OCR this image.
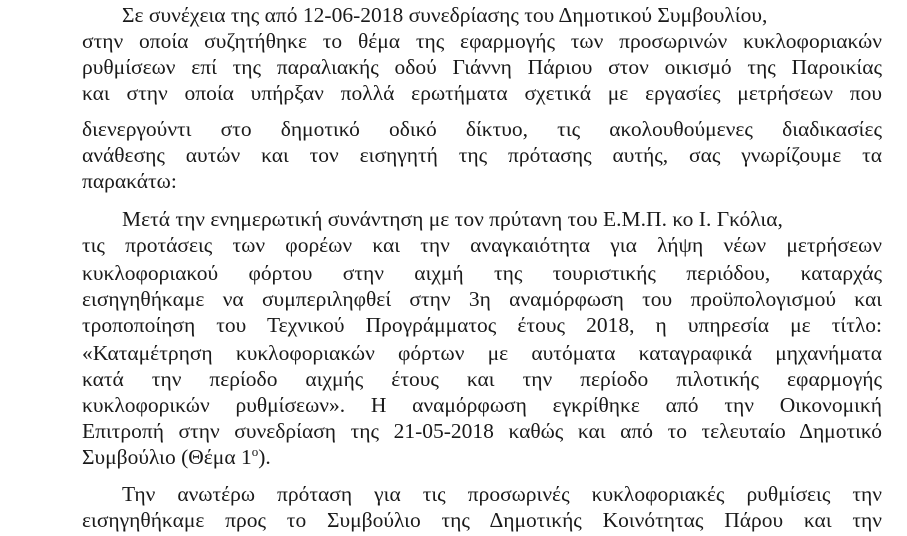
Σε συνέχεια της από 12-06-2018 συνεδρίασης του Δημοτικού Συμβουλίου,
στην οποία συζητήθηκε το θέμα της εφαρμογής των προσωρινών κυκλοφοριακών
ρυθμίσεων επί της παραλιακής οδού Γιάννη Πάριου στον οικισμό της Παροικίας
και στην οποία υπήρξαν πολλά ερωτήματα σχετικά με εργασίες μετρήσεων που
διενεργούντι στο δημοτικό οδικό δίκτυο, τις ακολουθούμενες διαδικασίες
ανάθεσης αυτών και τον εισηγητή της πρότασης αυτής, σας γνωρίζουμε τα
παρακάτω:
Μετά την ενημερωτική συνάντηση με τον πρύτανη του Ε.Μ.Π. κο Ι. Γκόλια,
τις προτάσεις των φορέων και την αναγκαιότητα για λήψη νέων μετρήσεων
κυκλοφοριακού φόρτου στην αιχμή της τουριστικής περιόδου, καταρχάς
εισηγηθήκαμε να συμπεριληφθεί στην 3η αναμόρφωση του προϋπολογισμού και
τροποποίηση του Τεχνικού Προγράμματος έτους 2018, η υπηρεσία με τίτλο:
«Καταμέτρηση κυκλοφοριακών φόρτων με αυτόματα καταγραφικά μηχανήματα
κατά την περίοδο αιχμής έτους και την περίοδο πιλοτικής εφαρμογής
κυκλοφορικών ρυθμίσεων». Η αναμόρφωση εγκρίθηκε από την Οικονομική
Επιτροπή στην συνεδρίαση της 21-05-2018 καθώς και από το τελευταίο Δημοτικό
Συμβούλιο (Θέμα $1^o$).
Την ανωτέρω πρόταση για τις προσωρινές κυκλοφοριακές ρυθμίσεις την
εισηγηθήκαμε προς το Συμβούλιο της Δημοτικής Κοινότητας Πάρου και την
